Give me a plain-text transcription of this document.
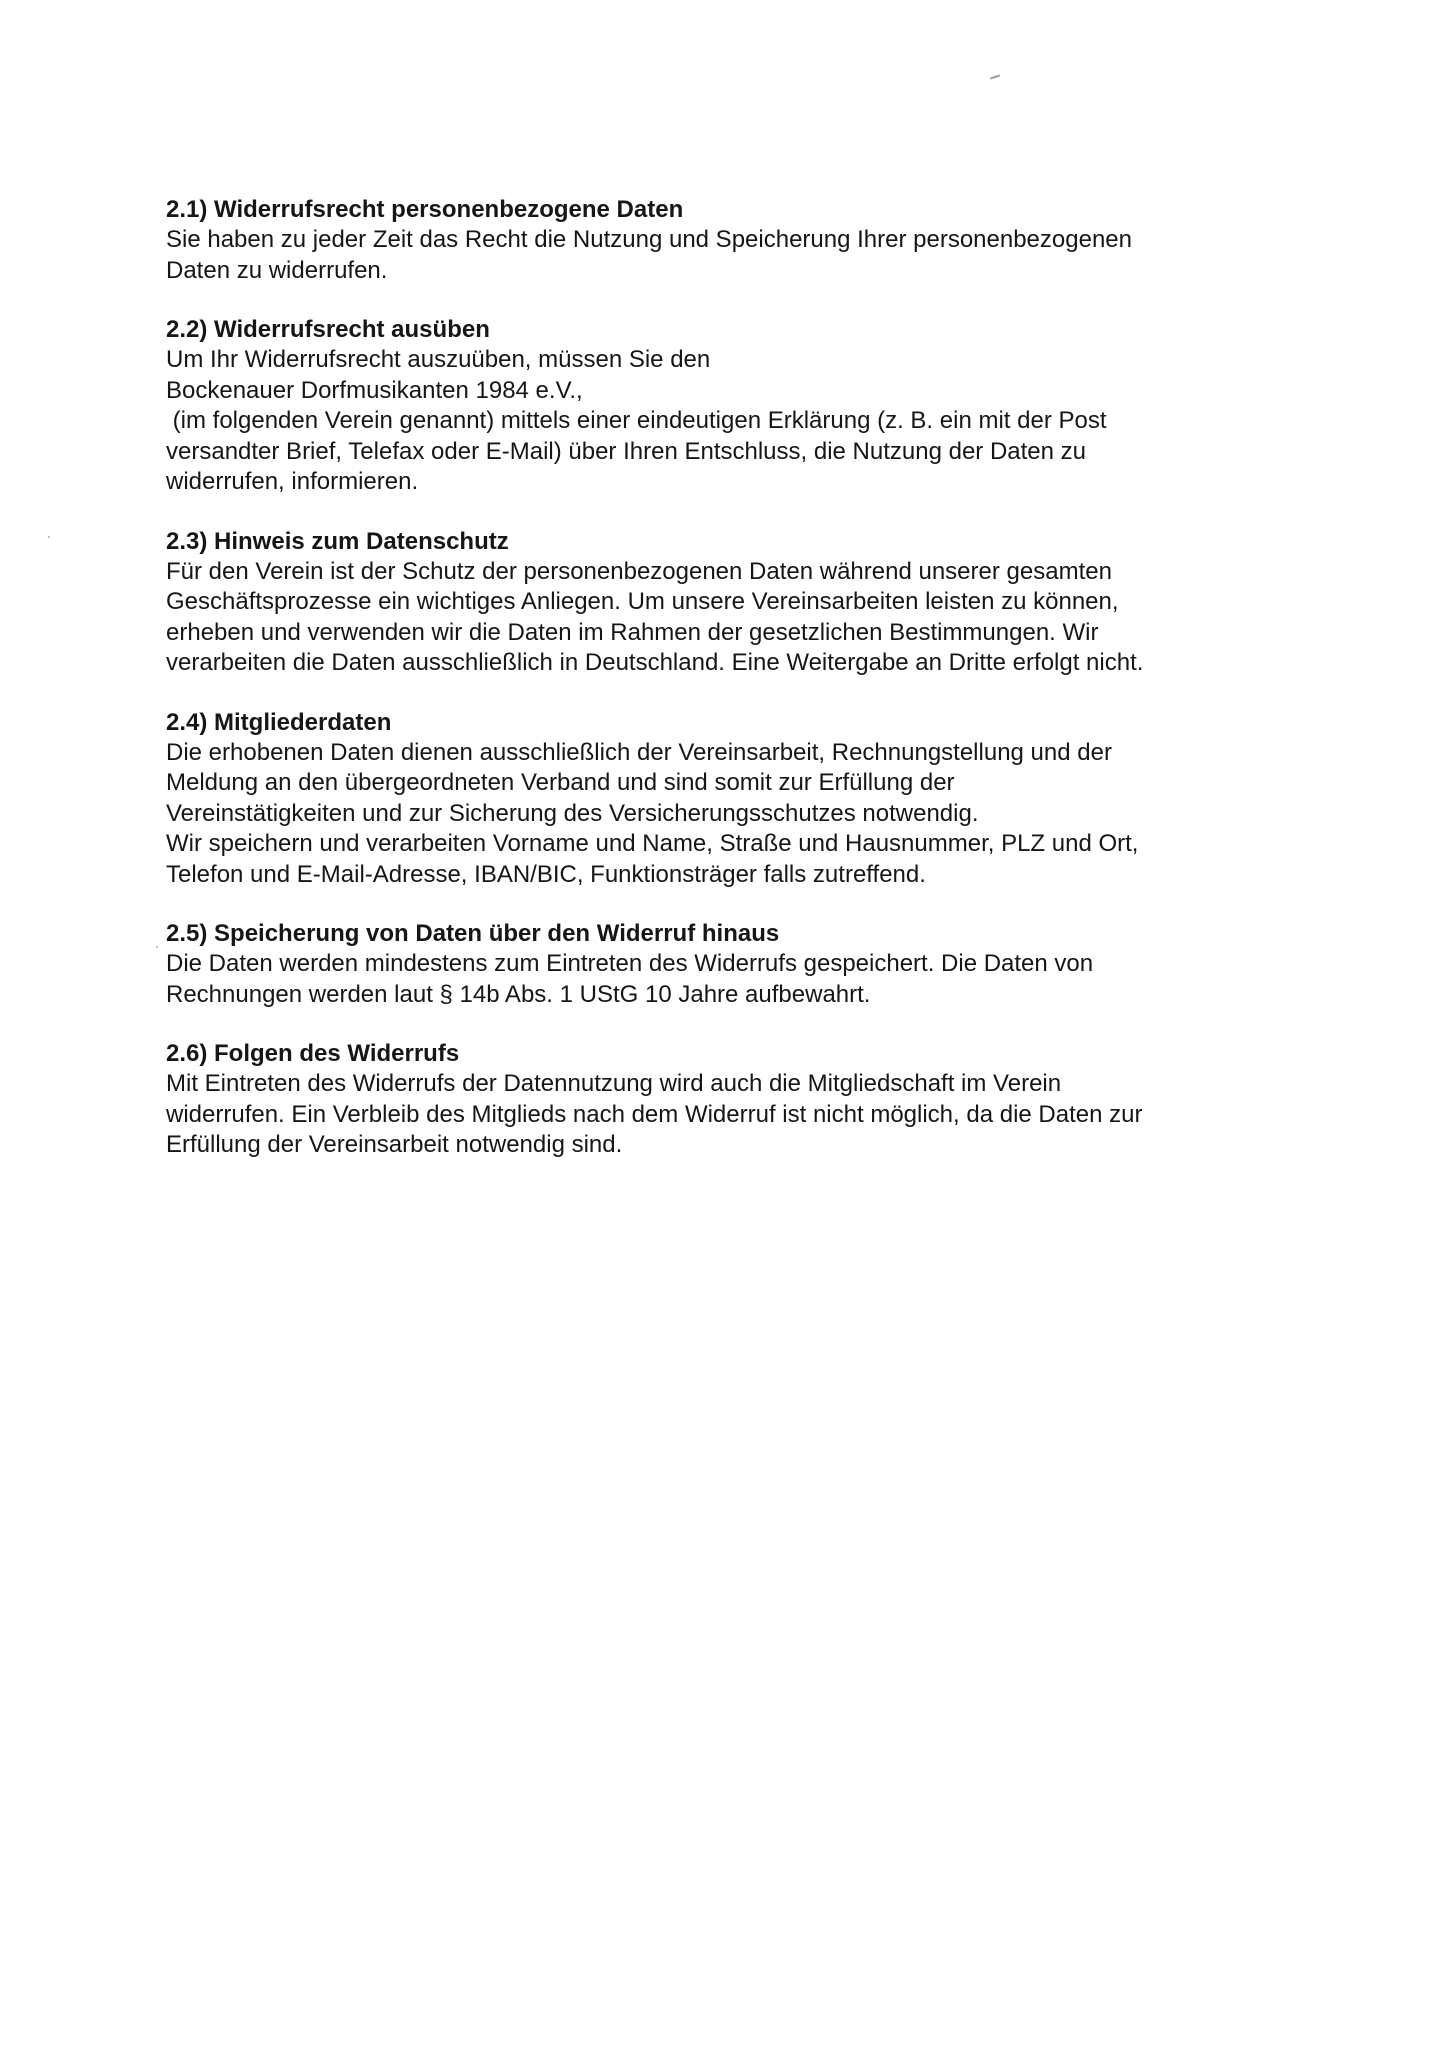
2.1) Widerrufsrecht personenbezogene Daten

Sie haben zu jeder Zeit das Recht die Nutzung und Speicherung Ihrer personenbezogenen

Daten zu widerrufen.

2.2) Widerrufsrecht ausüben

Um Ihr Widerrufsrecht auszuüben, müssen Sie den

Bockenauer Dorfmusikanten 1984 e.V.,

(im folgenden Verein genannt) mittels einer eindeutigen Erklärung (z. B. ein mit der Post

versandter Brief, Telefax oder E-Mail) über Ihren Entschluss, die Nutzung der Daten zu

widerrufen, informieren.

2.3) Hinweis zum Datenschutz

Für den Verein ist der Schutz der personenbezogenen Daten während unserer gesamten

Geschäftsprozesse ein wichtiges Anliegen. Um unsere Vereinsarbeiten leisten zu können,

erheben und verwenden wir die Daten im Rahmen der gesetzlichen Bestimmungen. Wir

verarbeiten die Daten ausschließlich in Deutschland. Eine Weitergabe an Dritte erfolgt nicht.

2.4) Mitgliederdaten

Die erhobenen Daten dienen ausschließlich der Vereinsarbeit, Rechnungstellung und der

Meldung an den übergeordneten Verband und sind somit zur Erfüllung der

Vereinstätigkeiten und zur Sicherung des Versicherungsschutzes notwendig.

Wir speichern und verarbeiten Vorname und Name, Straße und Hausnummer, PLZ und Ort,

Telefon und E-Mail-Adresse, IBAN/BIC, Funktionsträger falls zutreffend.

2.5) Speicherung von Daten über den Widerruf hinaus

Die Daten werden mindestens zum Eintreten des Widerrufs gespeichert. Die Daten von

Rechnungen werden laut § 14b Abs. 1 UStG 10 Jahre aufbewahrt.

2.6) Folgen des Widerrufs

Mit Eintreten des Widerrufs der Datennutzung wird auch die Mitgliedschaft im Verein

widerrufen. Ein Verbleib des Mitglieds nach dem Widerruf ist nicht möglich, da die Daten zur

Erfüllung der Vereinsarbeit notwendig sind.
